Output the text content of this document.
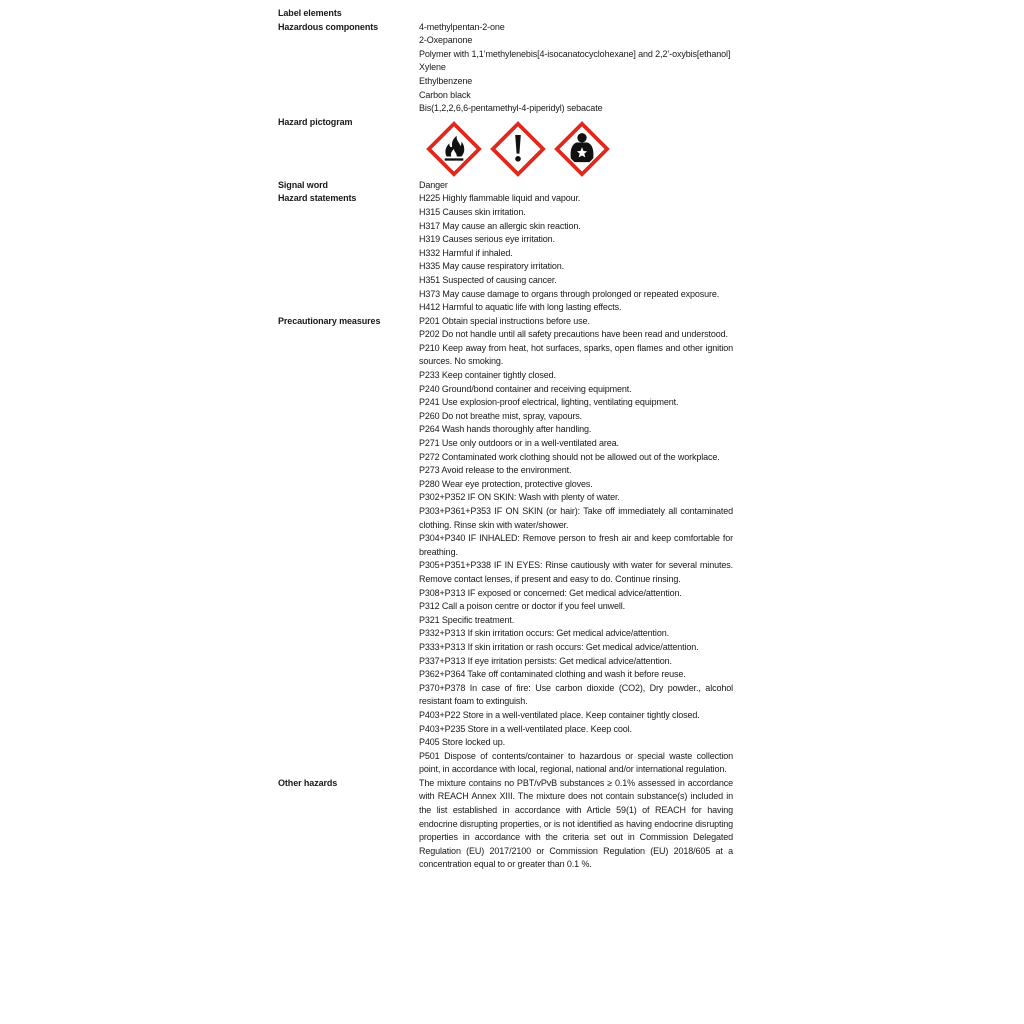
Label elements
Hazardous components	4-methylpentan-2-one

2-Oxepanone

Polymer with 1,1’methylenebis[4-isocanatocyclohexane] and 2,2’-oxybis[ethanol]

Xylene

Ethylbenzene

Carbon black

Bis(1,2,2,6,6-pentamethyl-4-piperidyl) sebacate

Hazard pictogram
Signal word	Danger

Hazard statements	H225 Highly flammable liquid and vapour.

H315 Causes skin irritation.

H317 May cause an allergic skin reaction.

H319 Causes serious eye irritation.

H332 Harmful if inhaled.

H335 May cause respiratory irritation.

H351 Suspected of causing cancer.

H373 May cause damage to organs through prolonged or repeated exposure.

H412 Harmful to aquatic life with long lasting effects.

Precautionary measures	P201 Obtain special instructions before use.

P202 Do not handle until all safety precautions have been read and understood.

P210 Keep away from heat, hot surfaces, sparks, open flames and other ignition sources. No smoking.

P233 Keep container tightly closed.

P240 Ground/bond container and receiving equipment.

P241 Use explosion-proof electrical, lighting, ventilating equipment.

P260 Do not breathe mist, spray, vapours.

P264 Wash hands thoroughly after handling.

P271 Use only outdoors or in a well-ventilated area.

P272 Contaminated work clothing should not be allowed out of the workplace.

P273 Avoid release to the environment.

P280 Wear eye protection, protective gloves.

P302+P352 IF ON SKIN: Wash with plenty of water.

P303+P361+P353 IF ON SKIN (or hair): Take off immediately all contaminated clothing. Rinse skin with water/shower.

P304+P340 IF INHALED: Remove person to fresh air and keep comfortable for breathing.

P305+P351+P338 IF IN EYES: Rinse cautiously with water for several minutes. Remove contact lenses, if present and easy to do. Continue rinsing.

P308+P313 IF exposed or concerned: Get medical advice/attention.

P312 Call a poison centre or doctor if you feel unwell.

P321 Specific treatment.

P332+P313 If skin irritation occurs: Get medical advice/attention.

P333+P313 If skin irritation or rash occurs: Get medical advice/attention.

P337+P313 If eye irritation persists: Get medical advice/attention.

P362+P364 Take off contaminated clothing and wash it before reuse.

P370+P378 In case of fire: Use carbon dioxide (CO2), Dry powder., alcohol resistant foam to extinguish.

P403+P22 Store in a well-ventilated place. Keep container tightly closed.

P403+P235 Store in a well-ventilated place. Keep cool.

P405 Store locked up.

P501 Dispose of contents/container to hazardous or special waste collection point, in accordance with local, regional, national and/or international regulation.

Other hazards	The mixture contains no PBT/vPvB substances ≥ 0.1% assessed in accordance with REACH Annex XIII. The mixture does not contain substance(s) included in the list established in accordance with Article 59(1) of REACH for having endocrine disrupting properties, or is not identified as having endocrine disrupting properties in accordance with the criteria set out in Commission Delegated Regulation (EU) 2017/2100 or Commission Regulation (EU) 2018/605 at a concentration equal to or greater than 0.1 %.
